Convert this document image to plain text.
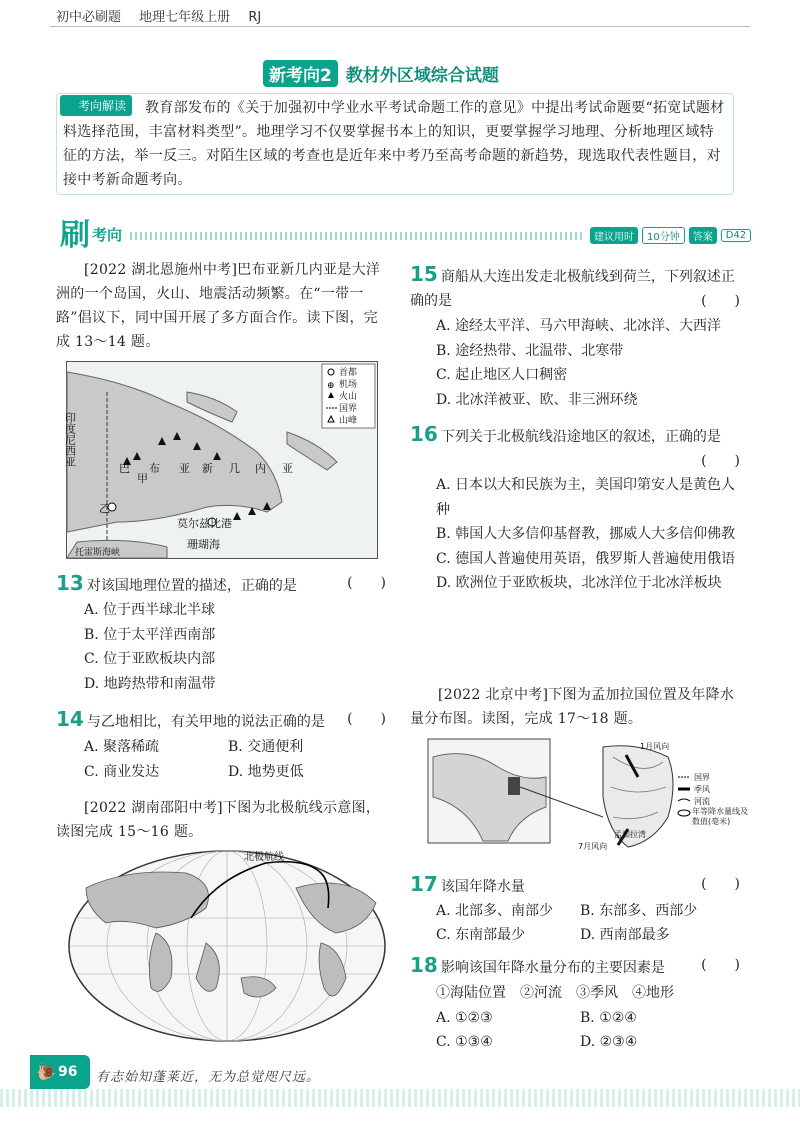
初中必刷题 地理七年级上册 RJ
新考向2 教材外区域综合试题
考向解读	教育部发布的《关于加强初中学业水平考试命题工作的意见》中提出考试命题要“拓宽试题材料选择范围，丰富材料类型”。地理学习不仅要掌握书本上的知识，更要掌握学习地理、分析地理区域特征的方法，举一反三。对陌生区域的考查也是近年来中考乃至高考命题的新趋势，现选取代表性题目，对接中考新命题考向。
刷 考向	建议用时	10分钟	答案	D42
[2022 湖北恩施州中考]巴布亚新几内亚是大洋洲的一个岛国，火山、地震活动频繁。在“一带一路”倡议下，同中国开展了多方面合作。读下图，完成 13～14 题。
印度尼西亚
巴 布 亚 新 几 内 亚
甲
乙
莫尔兹比港
珊瑚海
托雷斯海峡
首都
机场
火山
国界
山峰
⊕
13 对该国地理位置的描述，正确的是	(　　)
A. 位于西半球北半球
B. 位于太平洋西南部
C. 位于亚欧板块内部
D. 地跨热带和南温带
14 与乙地相比，有关甲地的说法正确的是 (　　)
A. 聚落稀疏	B. 交通便利
C. 商业发达	D. 地势更低
[2022 湖南邵阳中考]下图为北极航线示意图，读图完成 15～16 题。
北极航线
15 商船从大连出发走北极航线到荷兰，下列叙述正确的是	(　　)
A. 途经太平洋、马六甲海峡、北冰洋、大西洋
B. 途经热带、北温带、北寒带
C. 起止地区人口稠密
D. 北冰洋被亚、欧、非三洲环绕
16 下列关于北极航线沿途地区的叙述，正确的是
(　　)
A. 日本以大和民族为主，美国印第安人是黄色人种
B. 韩国人大多信仰基督教，挪威人大多信仰佛教
C. 德国人普遍使用英语，俄罗斯人普遍使用俄语
D. 欧洲位于亚欧板块，北冰洋位于北冰洋板块
[2022 北京中考]下图为孟加拉国位置及年降水量分布图。读图，完成 17～18 题。
1月风向
7月风向
孟加拉湾
国界
季风
河流
年等降水量线及数值(毫米)
17 该国年降水量	(　　)
A. 北部多、南部少 B. 东部多、西部少
C. 东南部最少	D. 西南部最多
18 影响该国年降水量分布的主要因素是	(　　)
①海陆位置　②河流　③季风　④地形
A. ①②③	B. ①②④
C. ①③④	D. ②③④
🐌 96 有志始知蓬莱近，无为总觉咫尺远。
